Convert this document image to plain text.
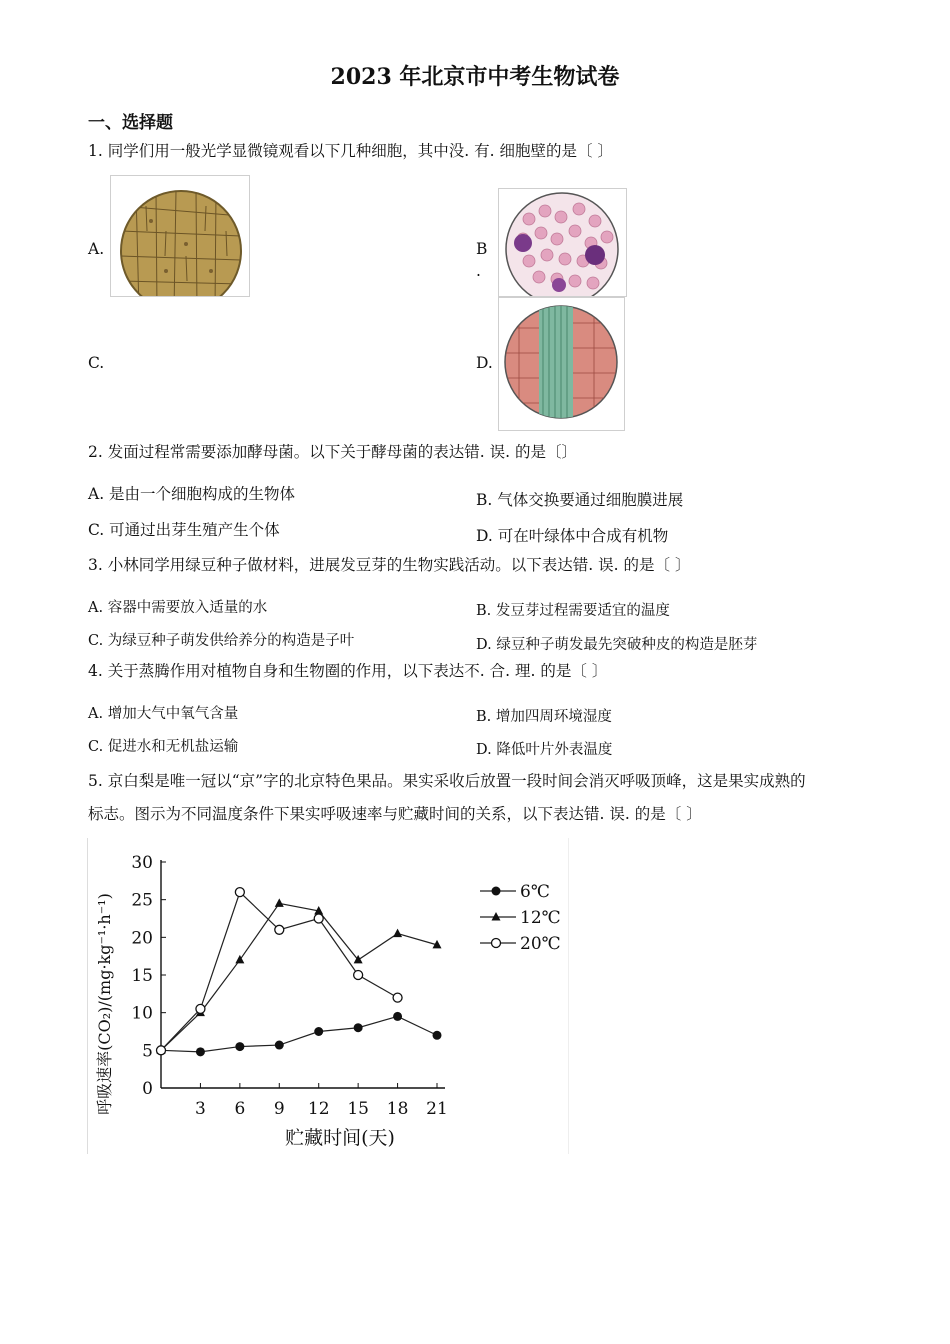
2023 年北京市中考生物试卷
一、选择题
1. 同学们用一般光学显微镜观看以下几种细胞，其中没. 有. 细胞壁的是〔 〕
A.	B
.
C.	D.
2. 发面过程常需要添加酵母菌。以下关于酵母菌的表达错. 误. 的是〔〕
A. 是由一个细胞构成的生物体	B. 气体交换要通过细胞膜进展
C. 可通过出芽生殖产生个体	D. 可在叶绿体中合成有机物
3. 小林同学用绿豆种子做材料，进展发豆芽的生物实践活动。以下表达错. 误. 的是〔 〕
A. 容器中需要放入适量的水	B. 发豆芽过程需要适宜的温度
C. 为绿豆种子萌发供给养分的构造是子叶	D. 绿豆种子萌发最先突破种皮的构造是胚芽
4. 关于蒸腾作用对植物自身和生物圈的作用，以下表达不. 合. 理. 的是〔 〕
A. 增加大气中氧气含量	B. 增加四周环境湿度
C. 促进水和无机盐运输	D. 降低叶片外表温度
5. 京白梨是唯一冠以“京”字的北京特色果品。果实采收后放置一段时间会消灭呼吸顶峰，这是果实成熟的
标志。图示为不同温度条件下果实呼吸速率与贮藏时间的关系，以下表达错. 误. 的是〔 〕
0
5
10
15
20
25
30
3 6 9 12 15 18 21
6℃
12℃
20℃
贮藏时间(天)
呼吸速率(CO₂)/(mg·kg⁻¹·h⁻¹)
